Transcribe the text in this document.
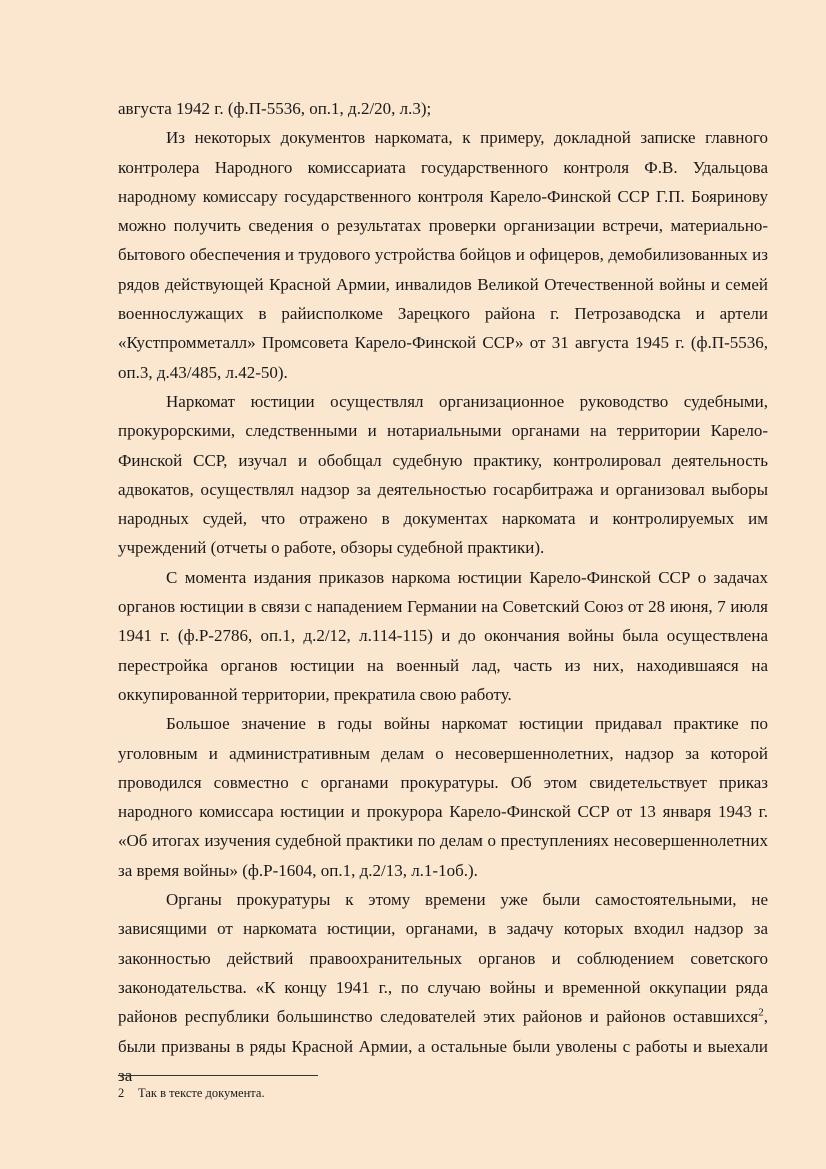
августа 1942 г. (ф.П-5536, оп.1, д.2/20, л.3);

Из некоторых документов наркомата, к примеру, докладной записке главного контролера Народного комиссариата государственного контроля Ф.В. Удальцова народному комиссару государственного контроля Карело-Финской ССР Г.П. Бояринову можно получить сведения о результатах проверки организации встречи, материально-бытового обеспечения и трудового устройства бойцов и офицеров, демобилизованных из рядов действующей Красной Армии, инвалидов Великой Отечественной войны и семей военнослужащих в райисполкоме Зарецкого района г. Петрозаводска и артели «Кустпромметалл» Промсовета Карело-Финской ССР» от 31 августа 1945 г. (ф.П-5536, оп.3, д.43/485, л.42-50).

Наркомат юстиции осуществлял организационное руководство судебными, прокурорскими, следственными и нотариальными органами на территории Карело-Финской ССР, изучал и обобщал судебную практику, контролировал деятельность адвокатов, осуществлял надзор за деятельностью госарбитража и организовал выборы народных судей, что отражено в документах наркомата и контролируемых им учреждений (отчеты о работе, обзоры судебной практики).

С момента издания приказов наркома юстиции Карело-Финской ССР о задачах органов юстиции в связи с нападением Германии на Советский Союз от 28 июня, 7 июля 1941 г. (ф.Р-2786, оп.1, д.2/12, л.114-115) и до окончания войны была осуществлена перестройка органов юстиции на военный лад, часть из них, находившаяся на оккупированной территории, прекратила свою работу.

Большое значение в годы войны наркомат юстиции придавал практике по уголовным и административным делам о несовершеннолетних, надзор за которой проводился совместно с органами прокуратуры. Об этом свидетельствует приказ народного комиссара юстиции и прокурора Карело-Финской ССР от 13 января 1943 г. «Об итогах изучения судебной практики по делам о преступлениях несовершеннолетних за время войны» (ф.Р-1604, оп.1, д.2/13, л.1-1об.).

Органы прокуратуры к этому времени уже были самостоятельными, не зависящими от наркомата юстиции, органами, в задачу которых входил надзор за законностью действий правоохранительных органов и соблюдением советского законодательства. «К концу 1941 г., по случаю войны и временной оккупации ряда районов республики большинство следователей этих районов и районов оставшихся$^2$, были призваны в ряды Красной Армии, а остальные были уволены с работы и выехали за

2 Так в тексте документа.
